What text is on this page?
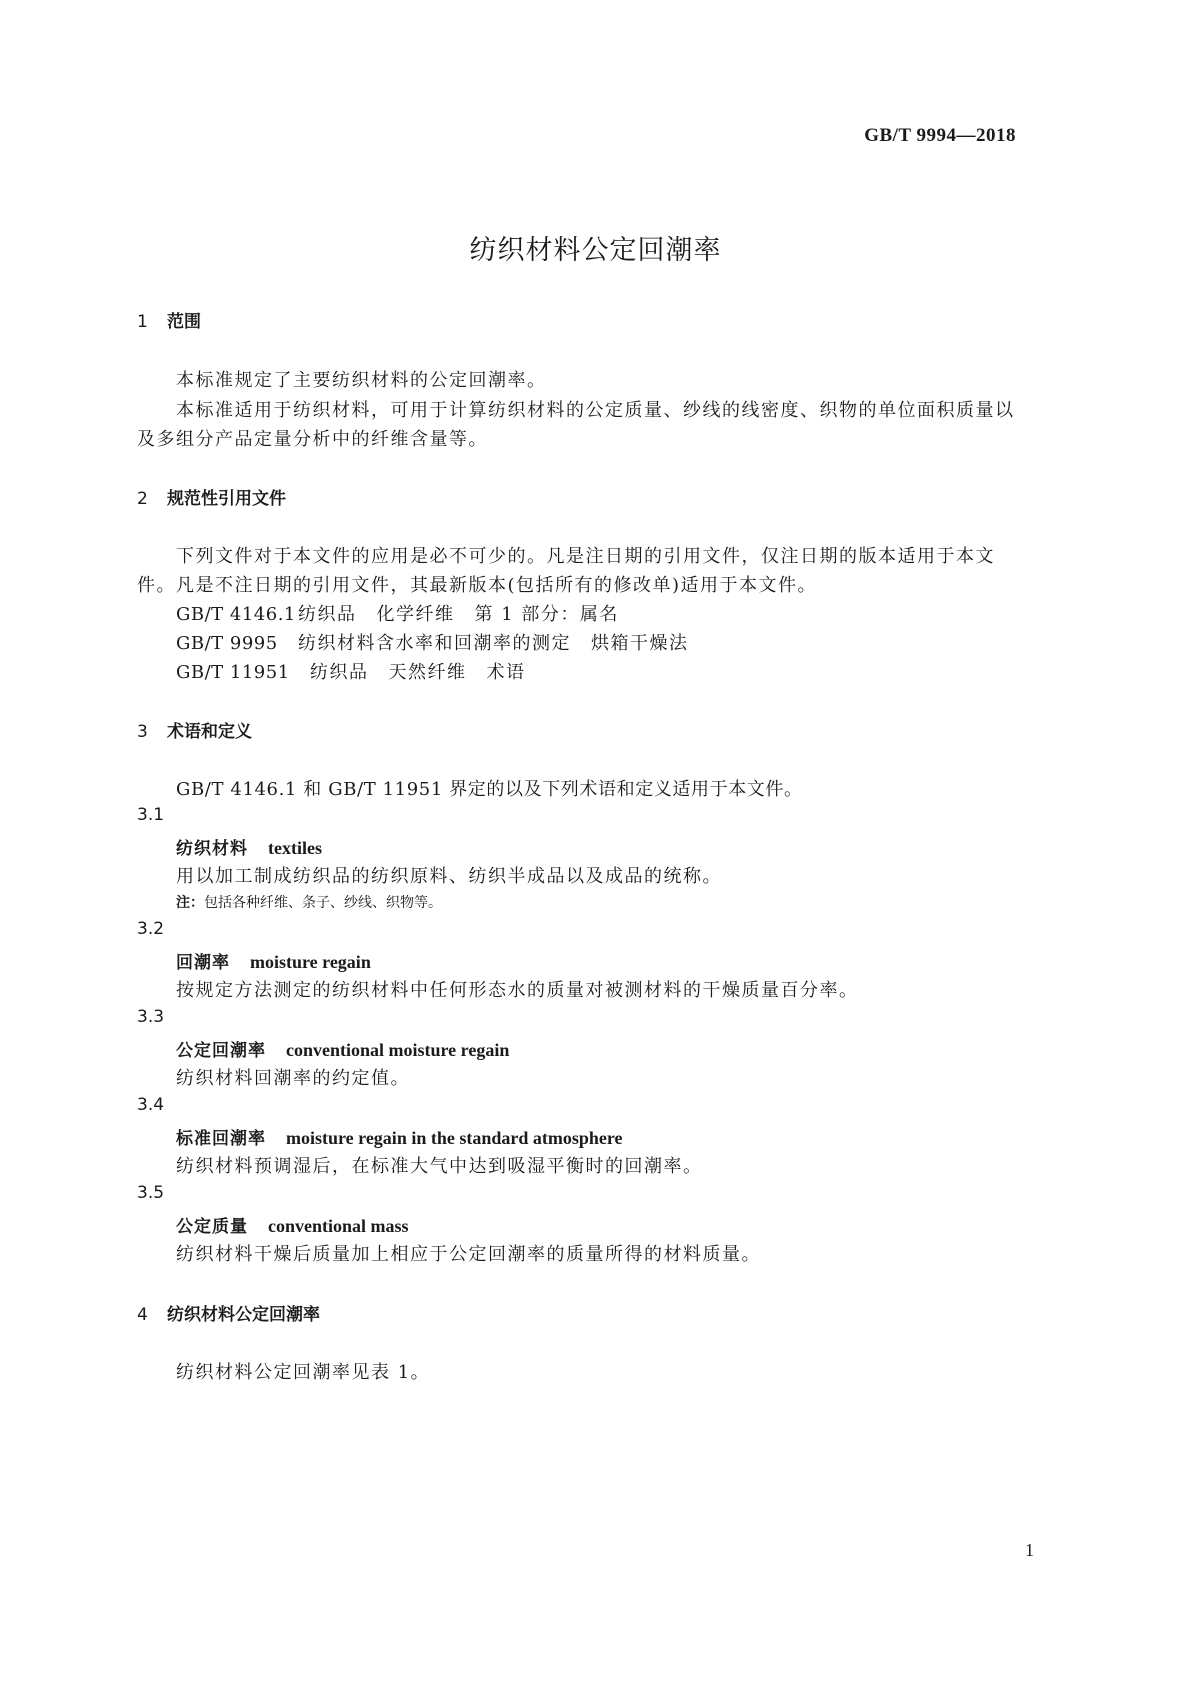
GB/T 9994—2018
纺织材料公定回潮率
1 范围
本标准规定了主要纺织材料的公定回潮率。
本标准适用于纺织材料，可用于计算纺织材料的公定质量、纱线的线密度、织物的单位面积质量以
及多组分产品定量分析中的纤维含量等。
2 规范性引用文件
下列文件对于本文件的应用是必不可少的。凡是注日期的引用文件，仅注日期的版本适用于本文
件。凡是不注日期的引用文件，其最新版本(包括所有的修改单)适用于本文件。
GB/T 4146.1 纺织品 化学纤维 第 1 部分：属名
GB/T 9995 纺织材料含水率和回潮率的测定 烘箱干燥法
GB/T 11951 纺织品 天然纤维 术语
3 术语和定义
GB/T 4146.1 和 GB/T 11951 界定的以及下列术语和定义适用于本文件。
3.1
纺织材料 textiles
用以加工制成纺织品的纺织原料、纺织半成品以及成品的统称。
注：包括各种纤维、条子、纱线、织物等。
3.2
回潮率 moisture regain
按规定方法测定的纺织材料中任何形态水的质量对被测材料的干燥质量百分率。
3.3
公定回潮率 conventional moisture regain
纺织材料回潮率的约定值。
3.4
标准回潮率 moisture regain in the standard atmosphere
纺织材料预调湿后，在标准大气中达到吸湿平衡时的回潮率。
3.5
公定质量 conventional mass
纺织材料干燥后质量加上相应于公定回潮率的质量所得的材料质量。
4 纺织材料公定回潮率
纺织材料公定回潮率见表 1。
1
